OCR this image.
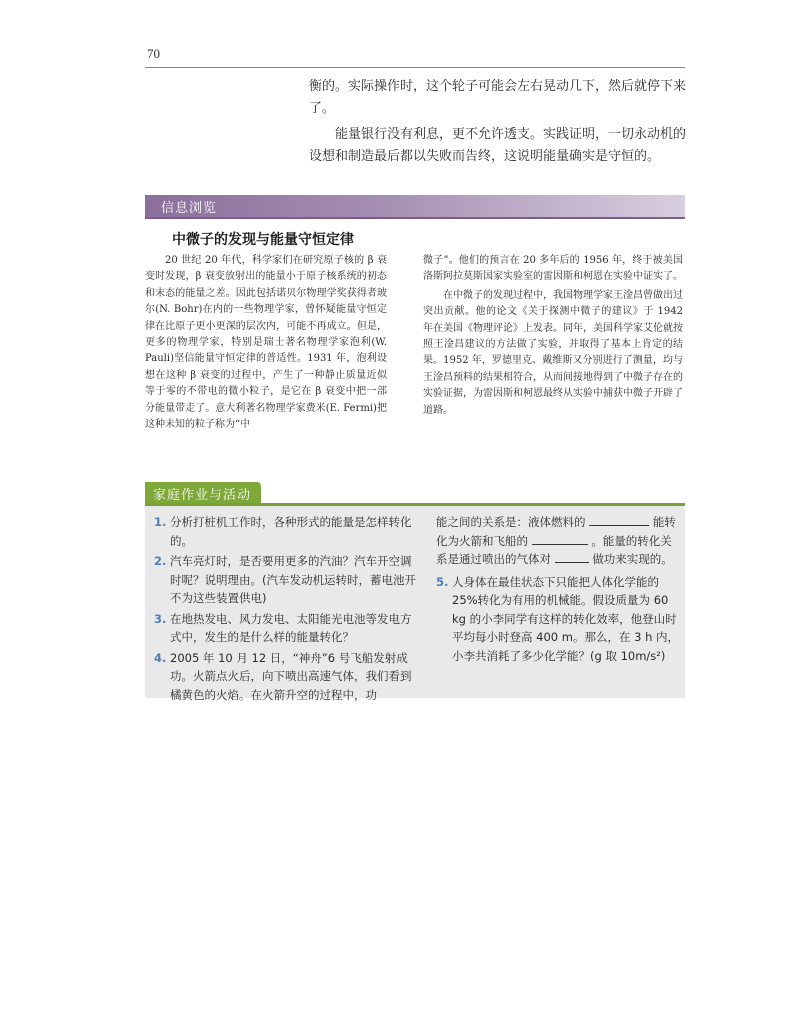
70

衡的。实际操作时，这个轮子可能会左右晃动几下，然后就停下来了。

能量银行没有利息，更不允许透支。实践证明，一切永动机的设想和制造最后都以失败而告终，这说明能量确实是守恒的。

信息浏览
中微子的发现与能量守恒定律

20 世纪 20 年代，科学家们在研究原子核的 β 衰变时发现，β 衰变放射出的能量小于原子核系统的初态和末态的能量之差。因此包括诺贝尔物理学奖获得者玻尔(N. Bohr)在内的一些物理学家，曾怀疑能量守恒定律在比原子更小更深的层次内，可能不再成立。但是，更多的物理学家，特别是瑞士著名物理学家泡利(W. Pauli)坚信能量守恒定律的普适性。1931 年，泡利设想在这种 β 衰变的过程中，产生了一种静止质量近似等于零的不带电的微小粒子，是它在 β 衰变中把一部分能量带走了。意大利著名物理学家费米(E. Fermi)把这种未知的粒子称为“中

微子”。他们的预言在 20 多年后的 1956 年，终于被美国洛斯阿拉莫斯国家实验室的雷因斯和柯恩在实验中证实了。

在中微子的发现过程中，我国物理学家王淦昌曾做出过突出贡献。他的论文《关于探测中微子的建议》于 1942 年在美国《物理评论》上发表。同年，美国科学家艾伦就按照王淦昌建议的方法做了实验，并取得了基本上肯定的结果。1952 年，罗德里克、戴维斯又分别进行了测量，均与王淦昌预料的结果相符合，从而间接地得到了中微子存在的实验证据，为雷因斯和柯恩最终从实验中捕获中微子开辟了道路。

家庭作业与活动
1. 分析打桩机工作时，各种形式的能量是怎样转化的。
2. 汽车亮灯时，是否要用更多的汽油？汽车开空调时呢？说明理由。(汽车发动机运转时，蓄电池开不为这些装置供电)
3. 在地热发电、风力发电、太阳能光电池等发电方式中，发生的是什么样的能量转化？
4. 2005 年 10 月 12 日，“神舟”6 号飞船发射成功。火箭点火后，向下喷出高速气体，我们看到橘黄色的火焰。在火箭升空的过程中，功
能之间的关系是：液体燃料的	能转化为火箭和飞船的	。能量的转化关系是通过喷出的气体对	做功来实现的。
5. 人身体在最佳状态下只能把人体化学能的 25%转化为有用的机械能。假设质量为 60 kg 的小李同学有这样的转化效率，他登山时平均每小时登高 400 m。那么，在 3 h 内，小李共消耗了多少化学能？(g 取 10m/s²)
